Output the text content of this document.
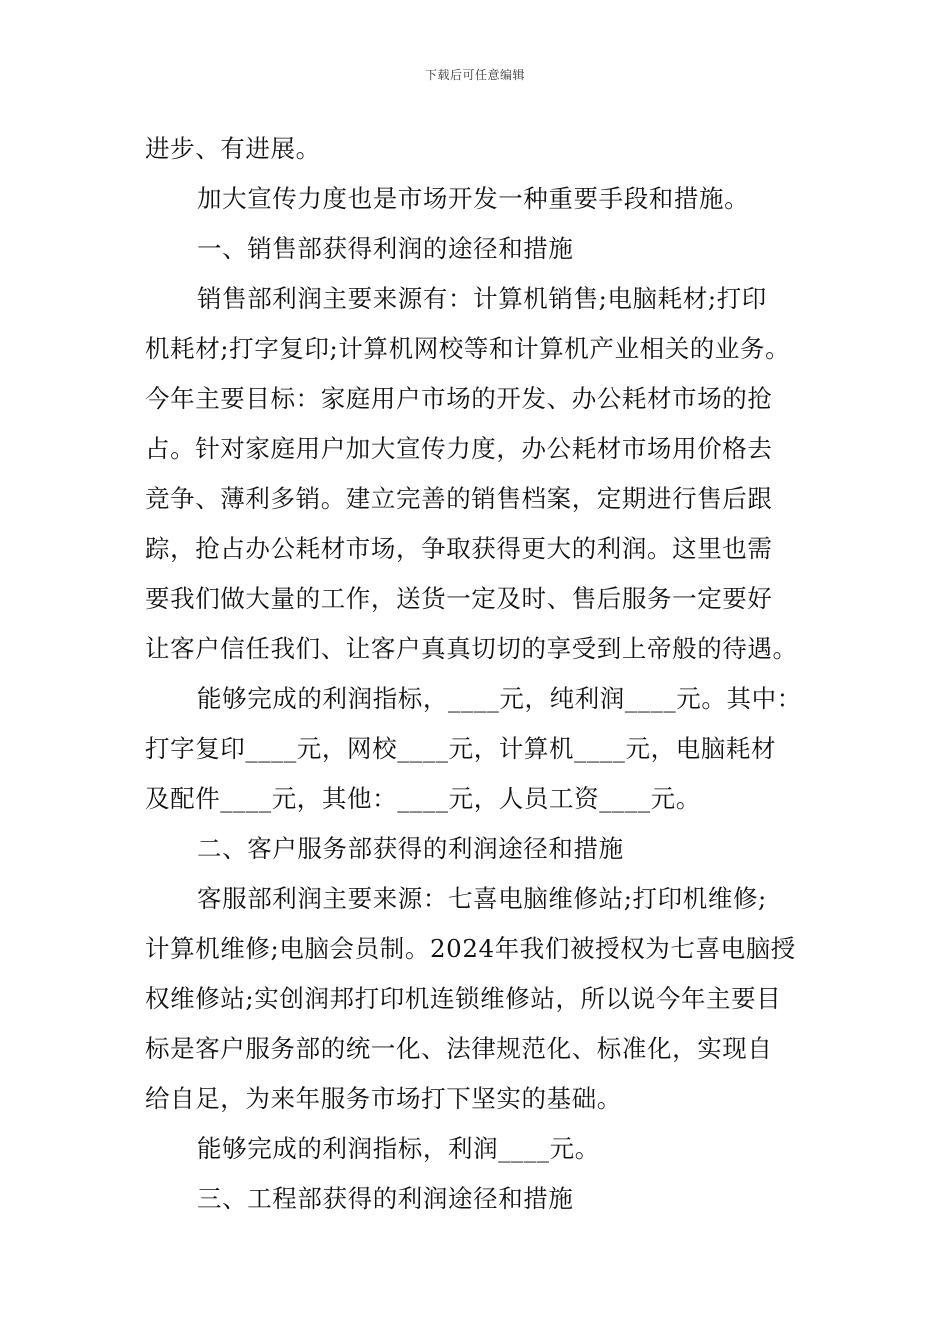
下载后可任意编辑

进步、有进展。

加大宣传力度也是市场开发一种重要手段和措施。

一、销售部获得利润的途径和措施

销售部利润主要来源有：计算机销售;电脑耗材;打印

机耗材;打字复印;计算机网校等和计算机产业相关的业务。

今年主要目标：家庭用户市场的开发、办公耗材市场的抢

占。针对家庭用户加大宣传力度，办公耗材市场用价格去

竞争、薄利多销。建立完善的销售档案，定期进行售后跟

踪，抢占办公耗材市场，争取获得更大的利润。这里也需

要我们做大量的工作，送货一定及时、售后服务一定要好

让客户信任我们、让客户真真切切的享受到上帝般的待遇。

能够完成的利润指标，____元，纯利润____元。其中：

打字复印____元，网校____元，计算机____元，电脑耗材

及配件____元，其他：____元，人员工资____元。

二、客户服务部获得的利润途径和措施

客服部利润主要来源：七喜电脑维修站;打印机维修;

计算机维修;电脑会员制。2024年我们被授权为七喜电脑授

权维修站;实创润邦打印机连锁维修站，所以说今年主要目

标是客户服务部的统一化、法律规范化、标准化，实现自

给自足，为来年服务市场打下坚实的基础。

能够完成的利润指标，利润____元。

三、工程部获得的利润途径和措施
